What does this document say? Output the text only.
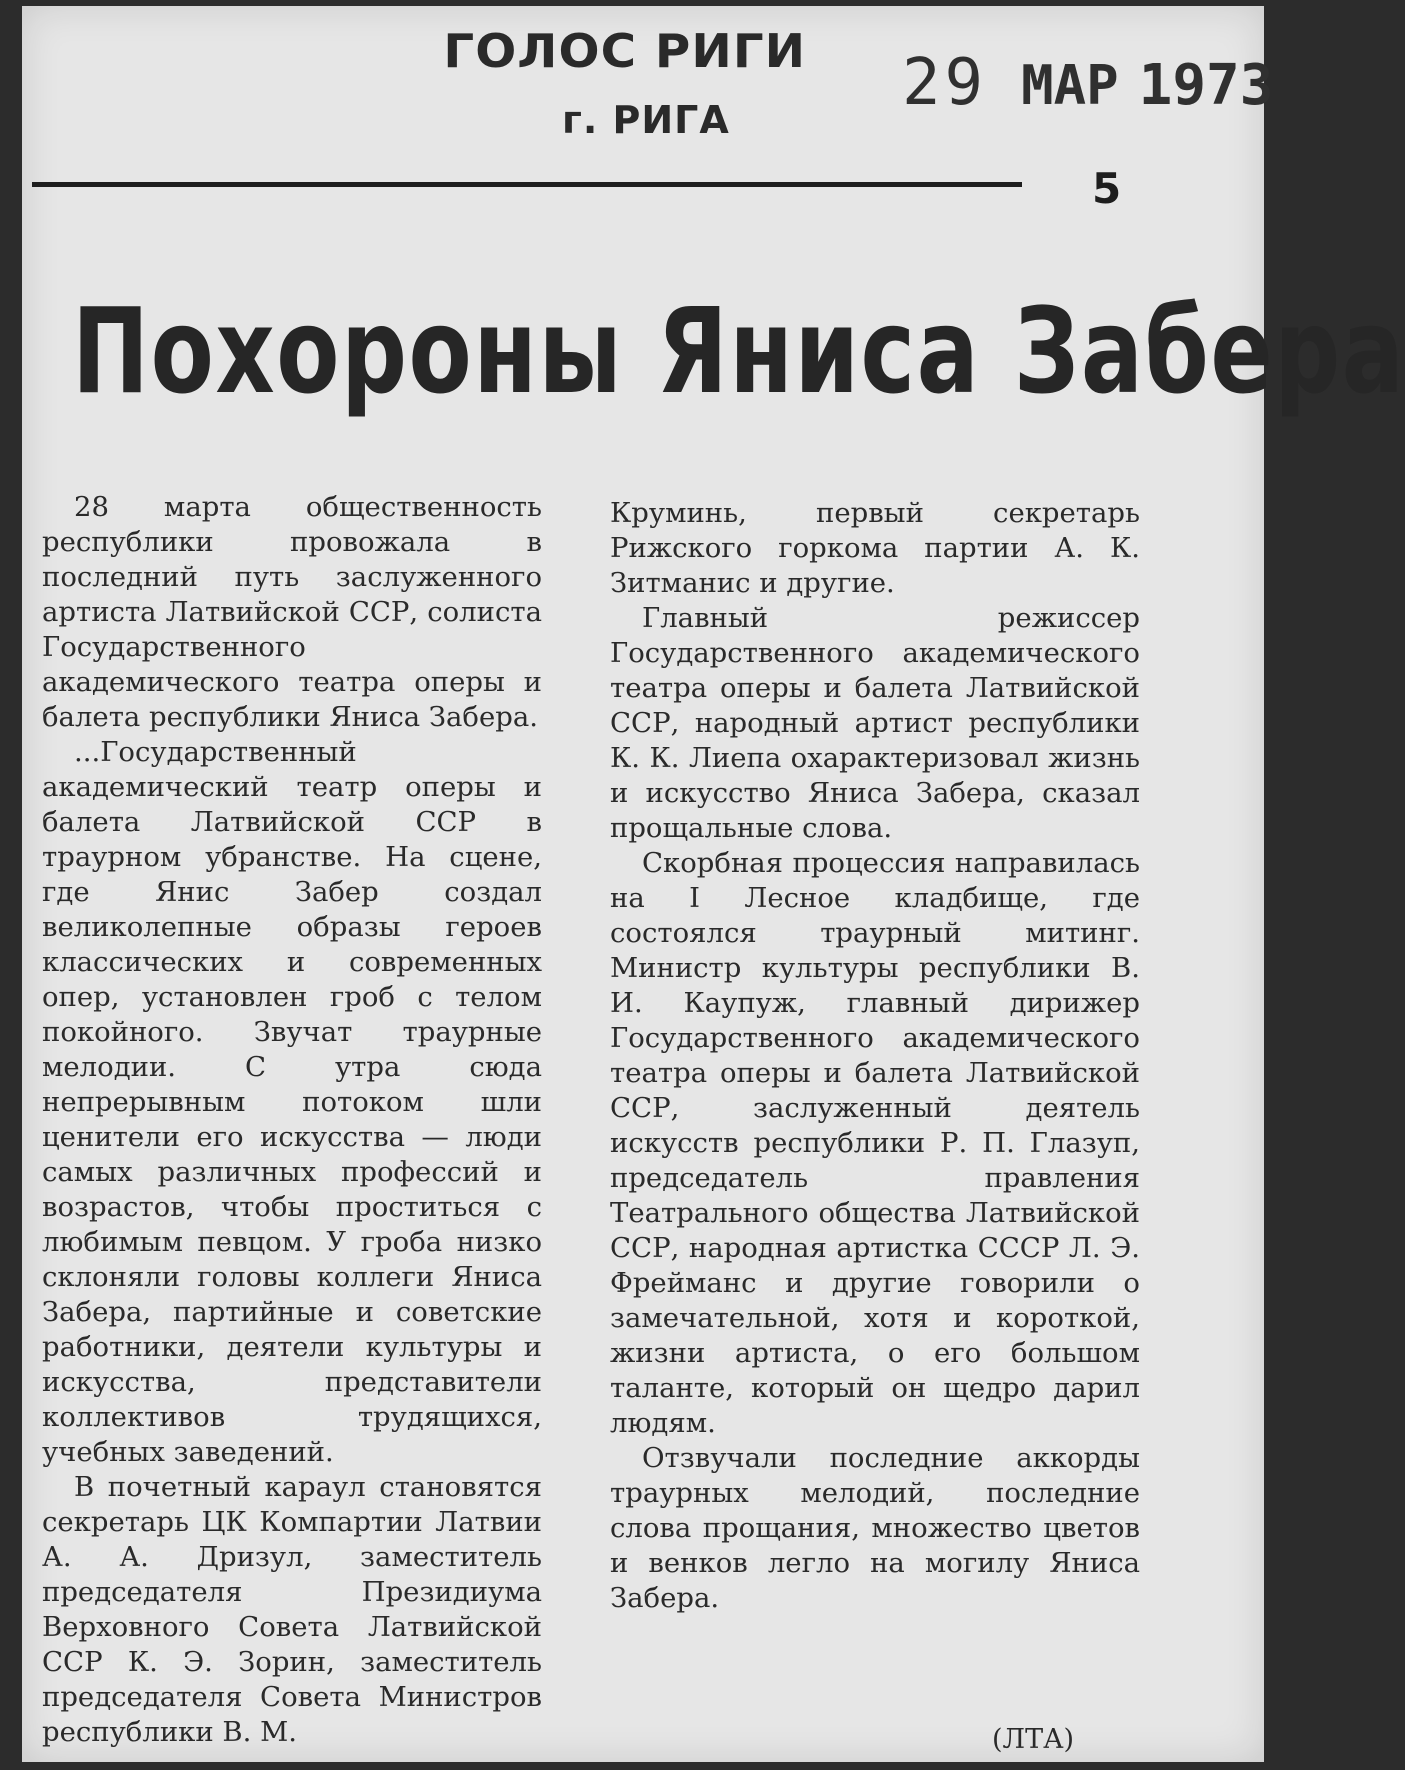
ГОЛОС РИГИ
г. РИГА	29 МАР 1973
5
Похороны Яниса Забера

28 марта общественность республики провожала в последний путь заслуженного артиста Латвийской ССР, солиста Государственного академического театра оперы и балета республики Яниса Забера.

...Государственный академический театр оперы и балета Латвийской ССР в траурном убранстве. На сцене, где Янис Забер создал великолепные образы героев классических и современных опер, установлен гроб с телом покойного. Звучат траурные мелодии. С утра сюда непрерывным потоком шли ценители его искусства — люди самых различных профессий и возрастов, чтобы проститься с любимым певцом. У гроба низко склоняли головы коллеги Яниса Забера, партийные и советские работники, деятели культуры и искусства, представители коллективов трудящихся, учебных заведений.

В почетный караул становятся секретарь ЦК Компартии Латвии А. А. Дризул, заместитель председателя Президиума Верховного Совета Латвийской ССР К. Э. Зорин, заместитель председателя Совета Министров республики В. М.

Круминь, первый секретарь Рижского горкома партии А. К. Зитманис и другие.

Главный режиссер Государственного академического театра оперы и балета Латвийской ССР, народный артист республики К. К. Лиепа охарактеризовал жизнь и искусство Яниса Забера, сказал прощальные слова.

Скорбная процессия направилась на I Лесное кладбище, где состоялся траурный митинг. Министр культуры республики В. И. Каупуж, главный дирижер Государственного академического театра оперы и балета Латвийской ССР, заслуженный деятель искусств республики Р. П. Глазуп, председатель правления Театрального общества Латвийской ССР, народная артистка СССР Л. Э. Фрейманс и другие говорили о замечательной, хотя и короткой, жизни артиста, о его большом таланте, который он щедро дарил людям.

Отзвучали последние аккорды траурных мелодий, последние слова прощания, множество цветов и венков легло на могилу Яниса Забера.

(ЛТА)
